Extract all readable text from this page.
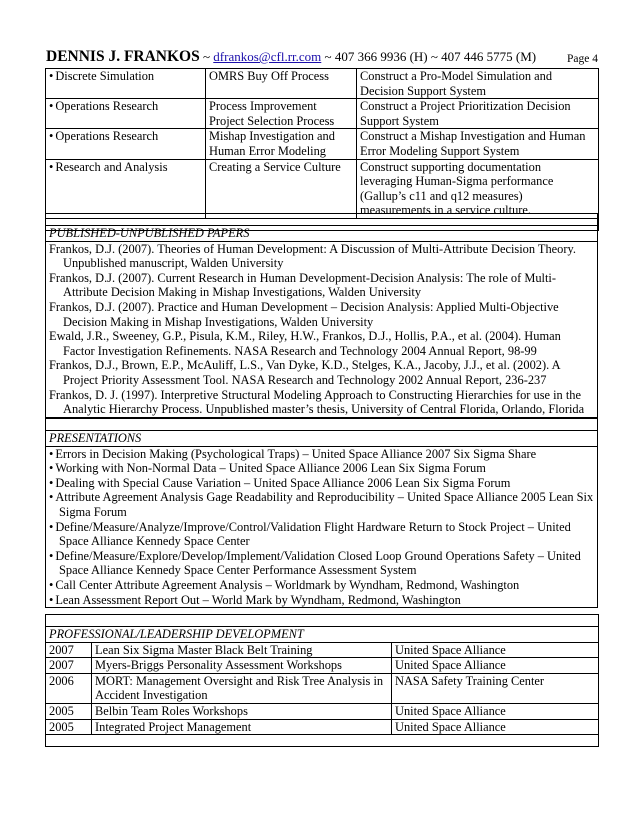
DENNIS J. FRANKOS ~ dfrankos@cfl.rr.com ~ 407 366 9936 (H) ~ 407 446 5775 (M)	Page 4
• Discrete Simulation	OMRS Buy Off Process	Construct a Pro-Model Simulation and Decision Support System
• Operations Research	Process Improvement Project Selection Process	Construct a Project Prioritization Decision Support System
• Operations Research	Mishap Investigation and Human Error Modeling	Construct a Mishap Investigation and Human Error Modeling Support System
• Research and Analysis	Creating a Service Culture	Construct supporting documentation leveraging Human-Sigma performance (Gallup’s c11 and q12 measures) measurements in a service culture.

PUBLISHED-UNPUBLISHED PAPERS

Frankos, D.J. (2007). Theories of Human Development: A Discussion of Multi-Attribute Decision Theory. Unpublished manuscript, Walden University
Frankos, D.J. (2007). Current Research in Human Development-Decision Analysis: The role of Multi-Attribute Decision Making in Mishap Investigations, Walden University
Frankos, D.J. (2007). Practice and Human Development – Decision Analysis: Applied Multi-Objective Decision Making in Mishap Investigations, Walden University
Ewald, J.R., Sweeney, G.P., Pisula, K.M., Riley, H.W., Frankos, D.J., Hollis, P.A., et al. (2004). Human Factor Investigation Refinements. NASA Research and Technology 2004 Annual Report, 98-99
Frankos, D.J., Brown, E.P., McAuliff, L.S., Van Dyke, K.D., Stelges, K.A., Jacoby, J.J., et al. (2002). A Project Priority Assessment Tool. NASA Research and Technology 2002 Annual Report, 236-237
Frankos, D. J. (1997). Interpretive Structural Modeling Approach to Constructing Hierarchies for use in the Analytic Hierarchy Process. Unpublished master’s thesis, University of Central Florida, Orlando, Florida

PRESENTATIONS

• Errors in Decision Making (Psychological Traps) – United Space Alliance 2007 Six Sigma Share
• Working with Non-Normal Data – United Space Alliance 2006 Lean Six Sigma Forum
• Dealing with Special Cause Variation – United Space Alliance 2006 Lean Six Sigma Forum
• Attribute Agreement Analysis Gage Readability and Reproducibility – United Space Alliance 2005 Lean Six Sigma Forum
• Define/Measure/Analyze/Improve/Control/Validation Flight Hardware Return to Stock Project – United Space Alliance Kennedy Space Center
• Define/Measure/Explore/Develop/Implement/Validation Closed Loop Ground Operations Safety – United Space Alliance Kennedy Space Center Performance Assessment System
• Call Center Attribute Agreement Analysis – Worldmark by Wyndham, Redmond, Washington
• Lean Assessment Report Out – World Mark by Wyndham, Redmond, Washington

PROFESSIONAL/LEADERSHIP DEVELOPMENT		
2007	Lean Six Sigma Master Black Belt Training	United Space Alliance
2007	Myers-Briggs Personality Assessment Workshops	United Space Alliance
2006	MORT: Management Oversight and Risk Tree Analysis in Accident Investigation	NASA Safety Training Center
2005	Belbin Team Roles Workshops	United Space Alliance
2005	Integrated Project Management	United Space Alliance
